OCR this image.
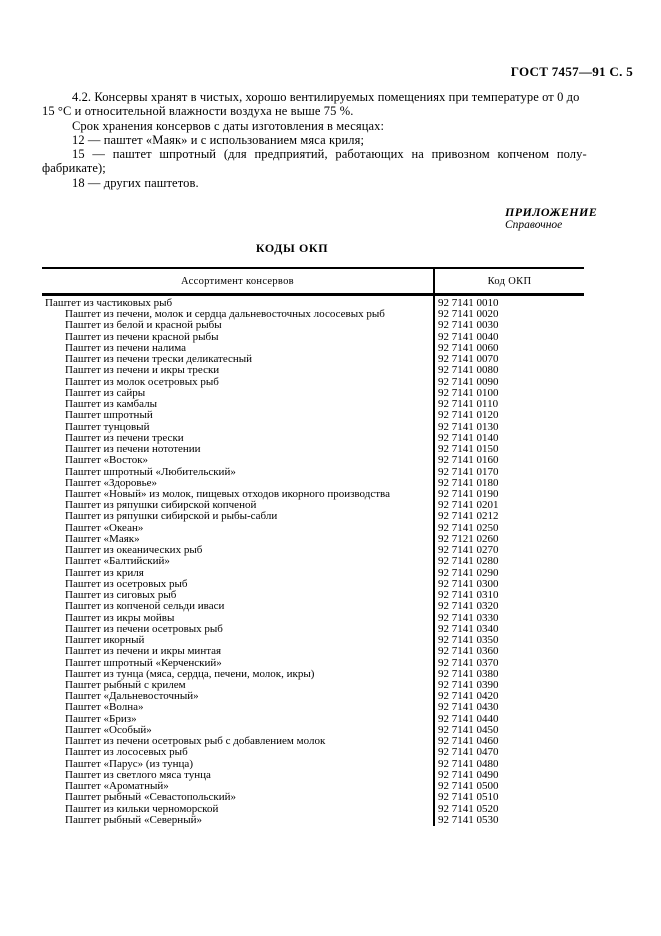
ГОСТ 7457—91 С. 5
4.2. Консервы хранят в чистых, хорошо вентилируемых помещениях при температуре от 0 до
15 °С и относительной влажности воздуха не выше 75 %.
Срок хранения консервов с даты изготовления в месяцах:
12 — паштет «Маяк» и с использованием мяса криля;
15 — паштет шпротный (для предприятий, работающих на привозном копченом полу-
фабрикате);
18 — других паштетов.
ПРИЛОЖЕНИЕ
Справочное
КОДЫ ОКП
Ассортимент консервов	Код ОКП
Паштет из частиковых рыб	92 7141 0010
Паштет из печени, молок и сердца дальневосточных лососевых рыб	92 7141 0020
Паштет из белой и красной рыбы	92 7141 0030
Паштет из печени красной рыбы	92 7141 0040
Паштет из печени налима	92 7141 0060
Паштет из печени трески деликатесный	92 7141 0070
Паштет из печени и икры трески	92 7141 0080
Паштет из молок осетровых рыб	92 7141 0090
Паштет из сайры	92 7141 0100
Паштет из камбалы	92 7141 0110
Паштет шпротный	92 7141 0120
Паштет тунцовый	92 7141 0130
Паштет из печени трески	92 7141 0140
Паштет из печени нототении	92 7141 0150
Паштет «Восток»	92 7141 0160
Паштет шпротный «Любительский»	92 7141 0170
Паштет «Здоровье»	92 7141 0180
Паштет «Новый» из молок, пищевых отходов икорного производства	92 7141 0190
Паштет из ряпушки сибирской копченой	92 7141 0201
Паштет из ряпушки сибирской и рыбы-сабли	92 7141 0212
Паштет «Океан»	92 7141 0250
Паштет «Маяк»	92 7121 0260
Паштет из океанических рыб	92 7141 0270
Паштет «Балтийский»	92 7141 0280
Паштет из криля	92 7141 0290
Паштет из осетровых рыб	92 7141 0300
Паштет из сиговых рыб	92 7141 0310
Паштет из копченой сельди иваси	92 7141 0320
Паштет из икры мойвы	92 7141 0330
Паштет из печени осетровых рыб	92 7141 0340
Паштет икорный	92 7141 0350
Паштет из печени и икры минтая	92 7141 0360
Паштет шпротный «Керченский»	92 7141 0370
Паштет из тунца (мяса, сердца, печени, молок, икры)	92 7141 0380
Паштет рыбный с крилем	92 7141 0390
Паштет «Дальневосточный»	92 7141 0420
Паштет «Волна»	92 7141 0430
Паштет «Бриз»	92 7141 0440
Паштет «Особый»	92 7141 0450
Паштет из печени осетровых рыб с добавлением молок	92 7141 0460
Паштет из лососевых рыб	92 7141 0470
Паштет «Парус» (из тунца)	92 7141 0480
Паштет из светлого мяса тунца	92 7141 0490
Паштет «Ароматный»	92 7141 0500
Паштет рыбный «Севастопольский»	92 7141 0510
Паштет из кильки черноморской	92 7141 0520
Паштет рыбный «Северный»	92 7141 0530
